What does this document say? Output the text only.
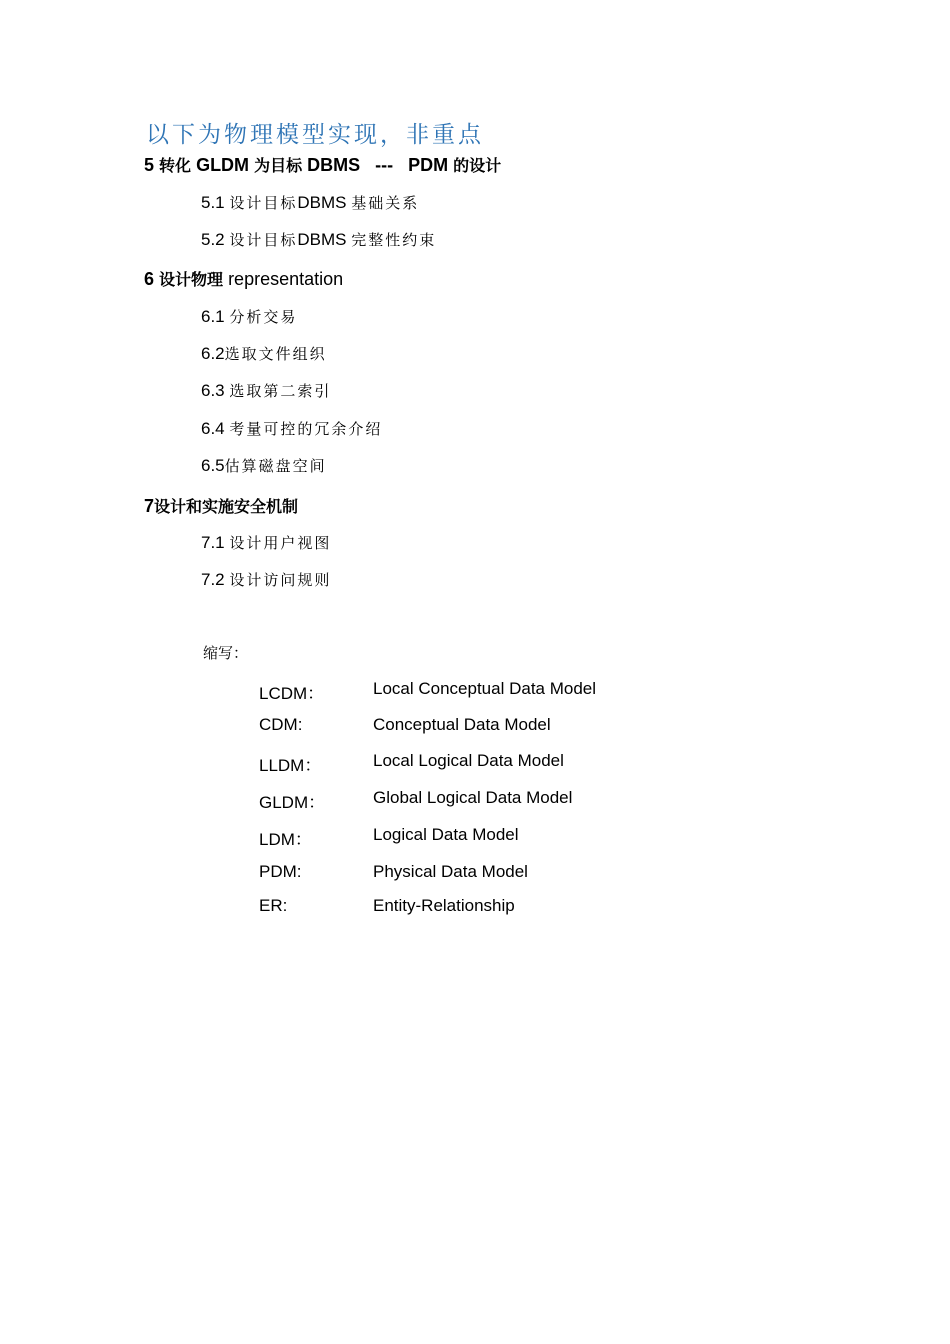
以下为物理模型实现，非重点
5 转化 GLDM 为目标 DBMS --- PDM 的设计
5.1 设计目标DBMS 基础关系
5.2 设计目标DBMS 完整性约束
6 设计物理 representation
6.1 分析交易
6.2选取文件组织
6.3 选取第二索引
6.4 考量可控的冗余介绍
6.5估算磁盘空间
7设计和实施安全机制
7.1 设计用户视图
7.2 设计访问规则
缩写：
LCDM：	Local Conceptual Data Model
CDM:	Conceptual Data Model
LLDM：	Local Logical Data Model
GLDM：	Global Logical Data Model
LDM：	Logical Data Model
PDM:	Physical Data Model
ER:	Entity-Relationship
